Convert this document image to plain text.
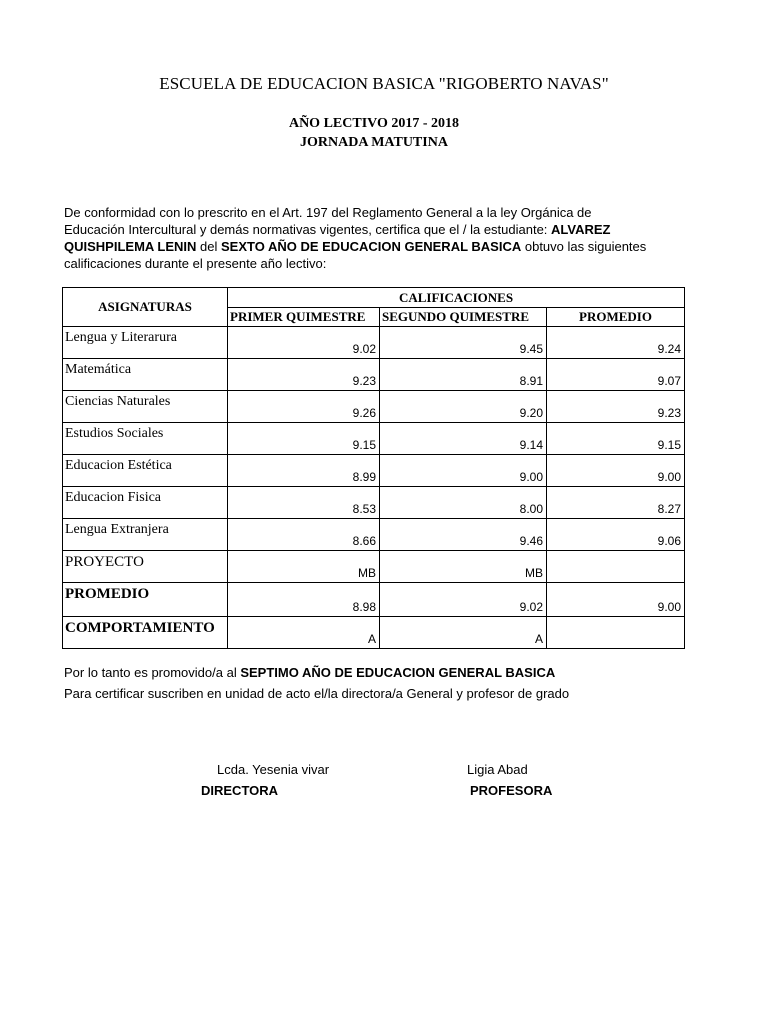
ESCUELA DE EDUCACION BASICA "RIGOBERTO NAVAS"
AÑO LECTIVO 2017 - 2018
JORNADA MATUTINA
De conformidad con lo prescrito en el Art. 197 del Reglamento General a la ley Orgánica de Educación Intercultural y demás normativas vigentes, certifica que el / la estudiante: ALVAREZ QUISHPILEMA LENIN del SEXTO AÑO DE EDUCACION GENERAL BASICA obtuvo las siguientes calificaciones durante el presente año lectivo:
ASIGNATURAS	CALIFICACIONES		
	PRIMER QUIMESTRE	SEGUNDO QUIMESTRE	PROMEDIO
Lengua y Literarura	9.02	9.45	9.24
Matemática	9.23	8.91	9.07
Ciencias Naturales	9.26	9.20	9.23
Estudios Sociales	9.15	9.14	9.15
Educacion Estética	8.99	9.00	9.00
Educacion Fisica	8.53	8.00	8.27
Lengua Extranjera	8.66	9.46	9.06
PROYECTO	MB	MB	
PROMEDIO	8.98	9.02	9.00
COMPORTAMIENTO	A	A	
Por lo tanto es promovido/a al SEPTIMO AÑO DE EDUCACION GENERAL BASICA
Para certificar suscriben en unidad de acto el/la directora/a General y profesor de grado
Lcda. Yesenia vivar
DIRECTORA
Ligia Abad
PROFESORA
